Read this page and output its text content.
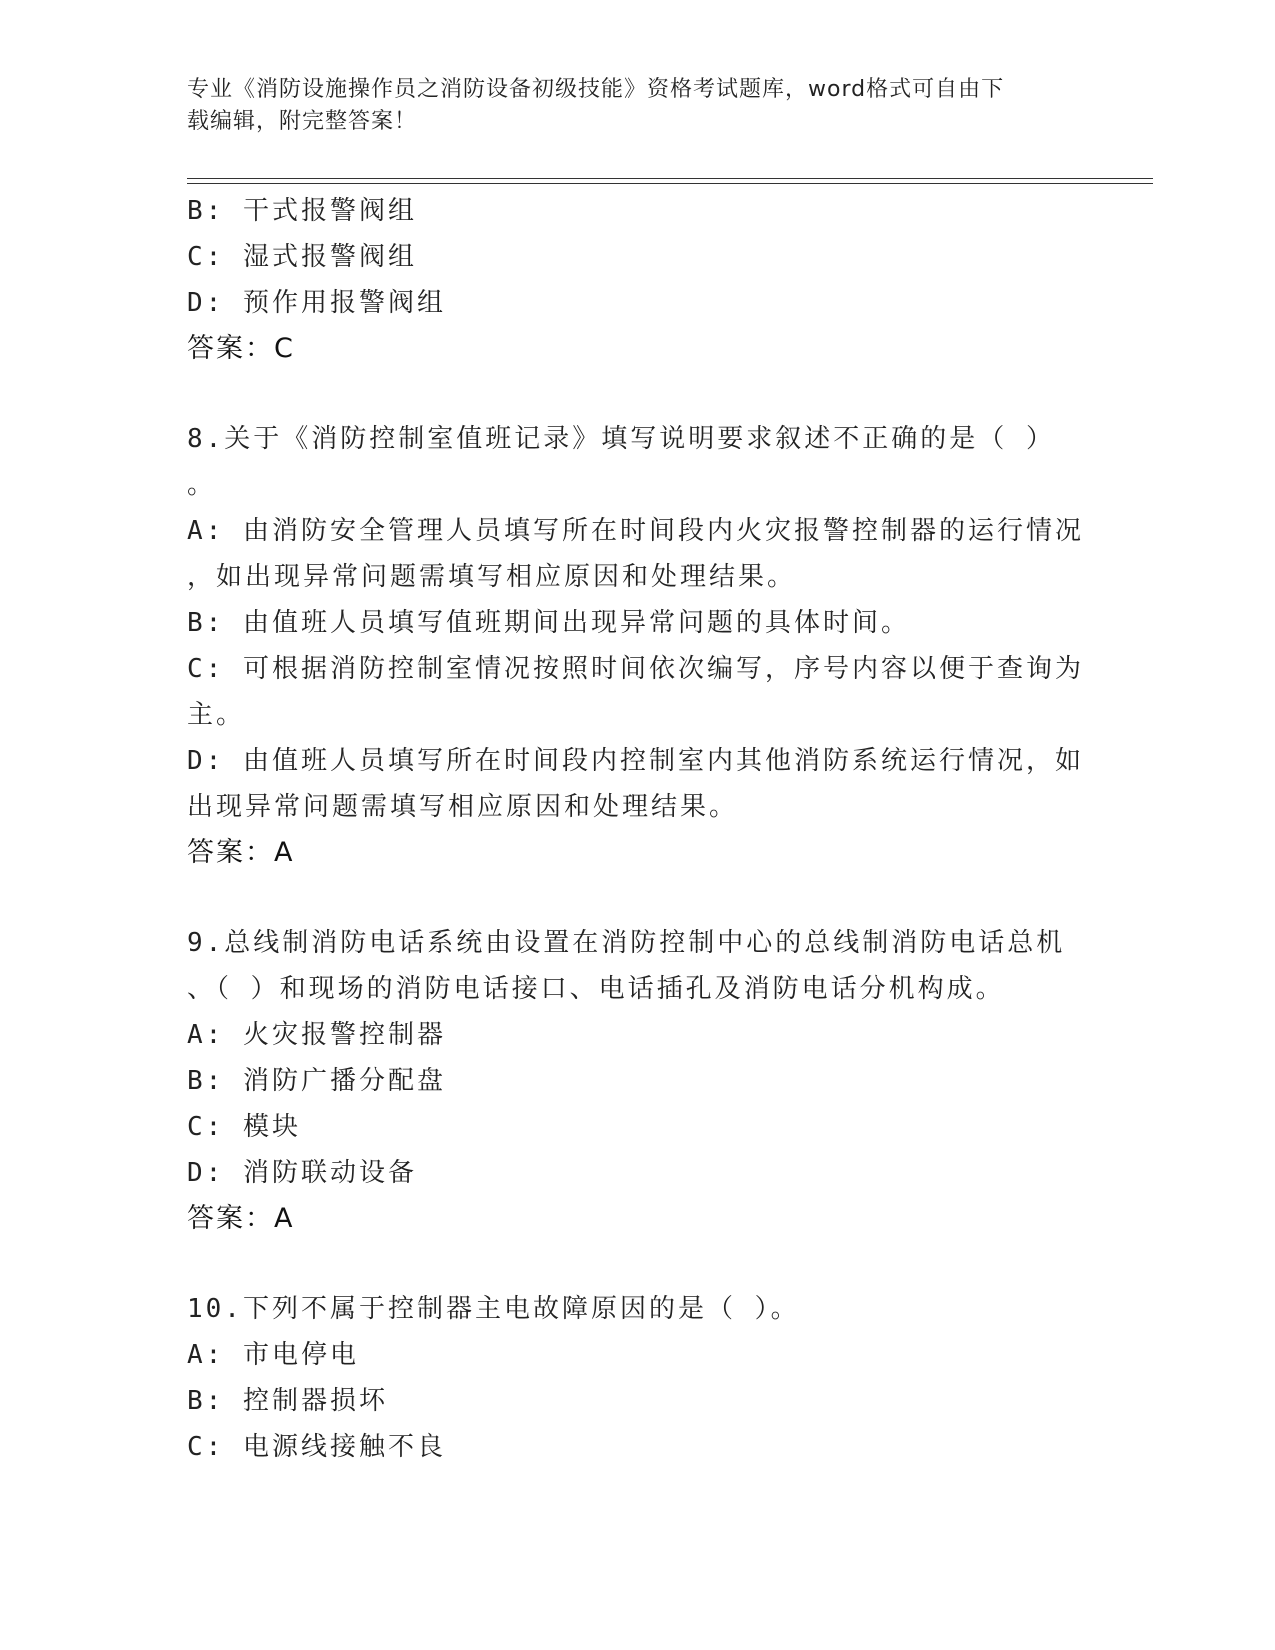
专业《消防设施操作员之消防设备初级技能》资格考试题库，word格式可自由下
载编辑，附完整答案！
B: 干式报警阀组
C: 湿式报警阀组
D: 预作用报警阀组
答案：C
8.关于《消防控制室值班记录》填写说明要求叙述不正确的是（ ）
。
A: 由消防安全管理人员填写所在时间段内火灾报警控制器的运行情况
，如出现异常问题需填写相应原因和处理结果。
B: 由值班人员填写值班期间出现异常问题的具体时间。
C: 可根据消防控制室情况按照时间依次编写，序号内容以便于查询为
主。
D: 由值班人员填写所在时间段内控制室内其他消防系统运行情况，如
出现异常问题需填写相应原因和处理结果。
答案：A
9.总线制消防电话系统由设置在消防控制中心的总线制消防电话总机
、（ ）和现场的消防电话接口、电话插孔及消防电话分机构成。
A: 火灾报警控制器
B: 消防广播分配盘
C: 模块
D: 消防联动设备
答案：A
10.下列不属于控制器主电故障原因的是（ ）。
A: 市电停电
B: 控制器损坏
C: 电源线接触不良
